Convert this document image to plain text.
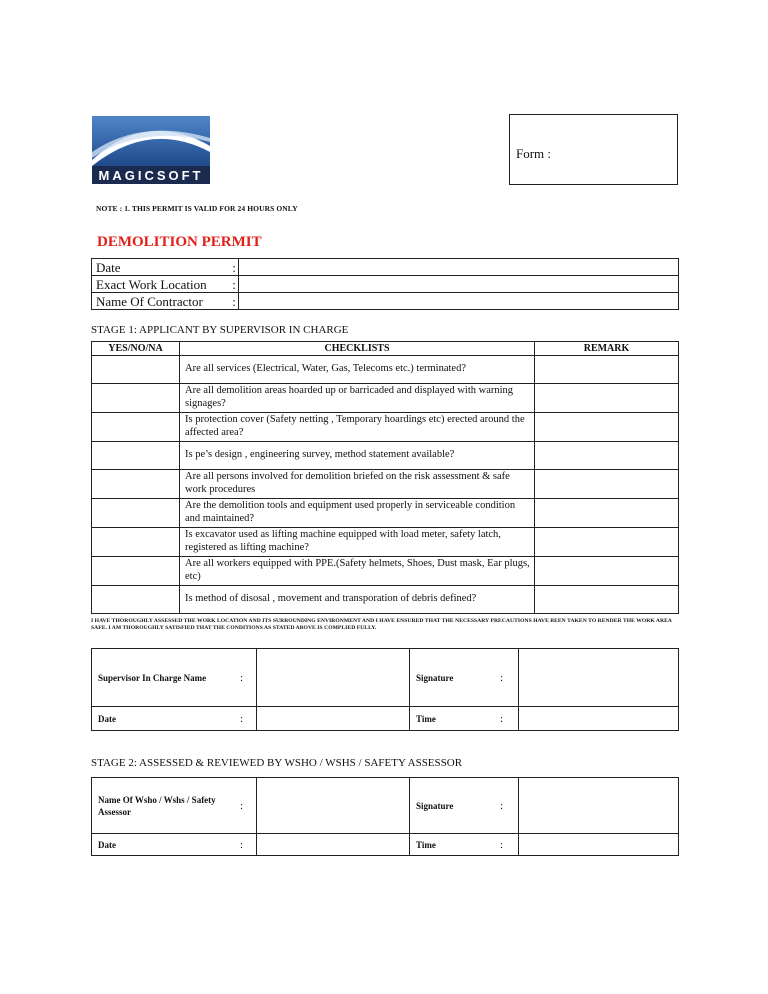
MAGICSOFT
Form :
NOTE : 1. THIS PERMIT IS VALID FOR 24 HOURS ONLY
DEMOLITION PERMIT
Date	:	
Exact Work Location	:	
Name Of Contractor	:	
STAGE 1: APPLICANT BY SUPERVISOR IN CHARGE
YES/NO/NA	CHECKLISTS	REMARK
	Are all services (Electrical, Water, Gas, Telecoms etc.) terminated?	
	Are all demolition areas hoarded up or barricaded and displayed with warning signages?	
	Is protection cover (Safety netting , Temporary hoardings etc) erected around the affected area?	
	Is pe’s design , engineering survey, method statement available?	
	Are all persons involved for demolition briefed on the risk assessment & safe work procedures	
	Are the demolition tools and equipment used properly in serviceable condition and maintained?	
	Is excavator used as lifting machine equipped with load meter, safety latch, registered as lifting machine?	
	Are all workers equipped with PPE.(Safety helmets, Shoes, Dust mask, Ear plugs, etc)	
	Is method of disosal , movement and transporation of debris defined?	
I HAVE THOROUGHLY ASSESSED THE WORK LOCATION AND ITS SURROUNDING ENVIRONMENT AND I HAVE ENSURED THAT THE NECESSARY PRECAUTIONS HAVE BEEN TAKEN TO RENDER THE WORK AREA SAFE. I AM THOROUGHLY SATISFIED THAT THE CONDITIONS AS STATED ABOVE IS COMPLIED FULLY.
Supervisor In Charge Name	:		Signature	:	
Date	:		Time	:	
STAGE 2: ASSESSED & REVIEWED BY WSHO / WSHS / SAFETY ASSESSOR
Name Of Wsho / Wshs / Safety Assessor	:		Signature	:	
Date	:		Time	:	
